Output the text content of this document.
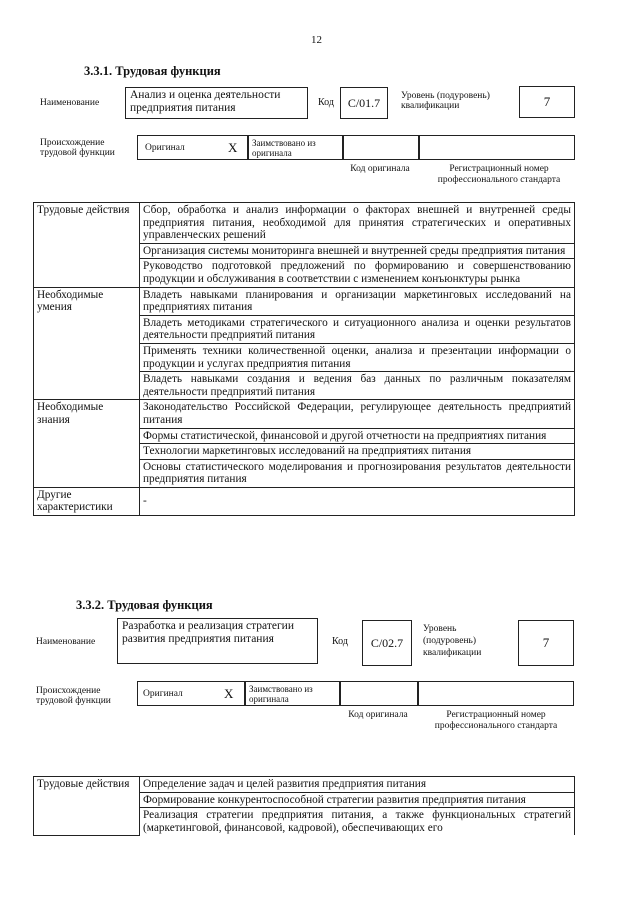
12
3.3.1. Трудовая функция
Наименование
Анализ и оценка деятельности предприятия питания	Код C/01.7 Уровень (подуровень) квалификации	7
Происхождение трудовой функции	Оригинал	X Заимствовано из оригинала
Код оригинала	Регистрационный номер профессионального стандарта
Трудовые действия	Сбор, обработка и анализ информации о факторах внешней и внутренней среды предприятия питания, необходимой для принятия стратегических и оперативных управленческих решений
	Организация системы мониторинга внешней и внутренней среды предприятия питания
	Руководство подготовкой предложений по формированию и совершенствованию продукции и обслуживания в соответствии с изменением конъюнктуры рынка
Необходимые умения	Владеть навыками планирования и организации маркетинговых исследований на предприятиях питания
	Владеть методиками стратегического и ситуационного анализа и оценки результатов деятельности предприятий питания
	Применять техники количественной оценки, анализа и презентации информации о продукции и услугах предприятия питания
	Владеть навыками создания и ведения баз данных по различным показателям деятельности предприятий питания
Необходимые знания	Законодательство Российской Федерации, регулирующее деятельность предприятий питания
	Формы статистической, финансовой и другой отчетности на предприятиях питания
	Технологии маркетинговых исследований на предприятиях питания
	Основы статистического моделирования и прогнозирования результатов деятельности предприятия питания
Другие характеристики	-
3.3.2. Трудовая функция
Наименование
Разработка и реализация стратегии развития предприятия питания	Код C/02.7
Уровень (подуровень) квалификации
7
Происхождение трудовой функции
Оригинал	X Заимствовано из оригинала
Код оригинала	Регистрационный номер профессионального стандарта
Трудовые действия	Определение задач и целей развития предприятия питания
Формирование конкурентоспособной стратегии развития предприятия питания
Реализация стратегии предприятия питания, а также функциональных стратегий (маркетинговой, финансовой, кадровой), обеспечивающих его
